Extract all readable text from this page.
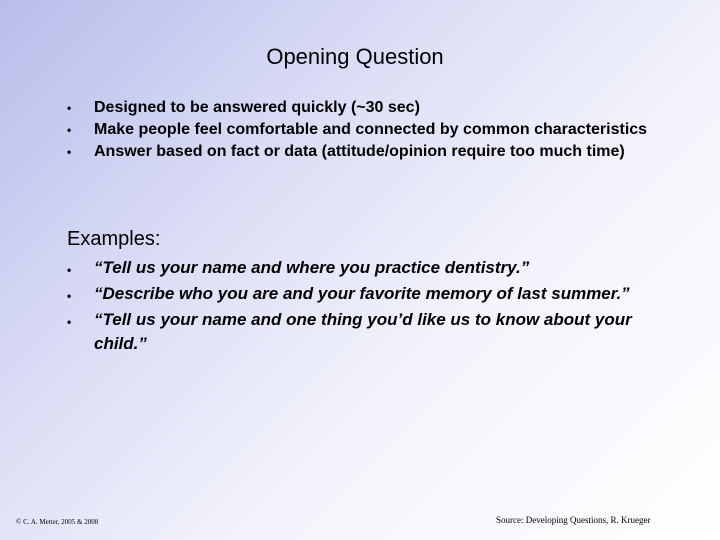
Opening Question
• Designed to be answered quickly (~30 sec)
• Make people feel comfortable and connected by common characteristics
• Answer based on fact or data (attitude/opinion require too much time)
Examples:
• “Tell us your name and where you practice dentistry.”
• “Describe who you are and your favorite memory of last summer.”
• “Tell us your name and one thing you’d like us to know about your child.”
© C. A. Metter, 2005 & 2008	Source: Developing Questions, R. Krueger
